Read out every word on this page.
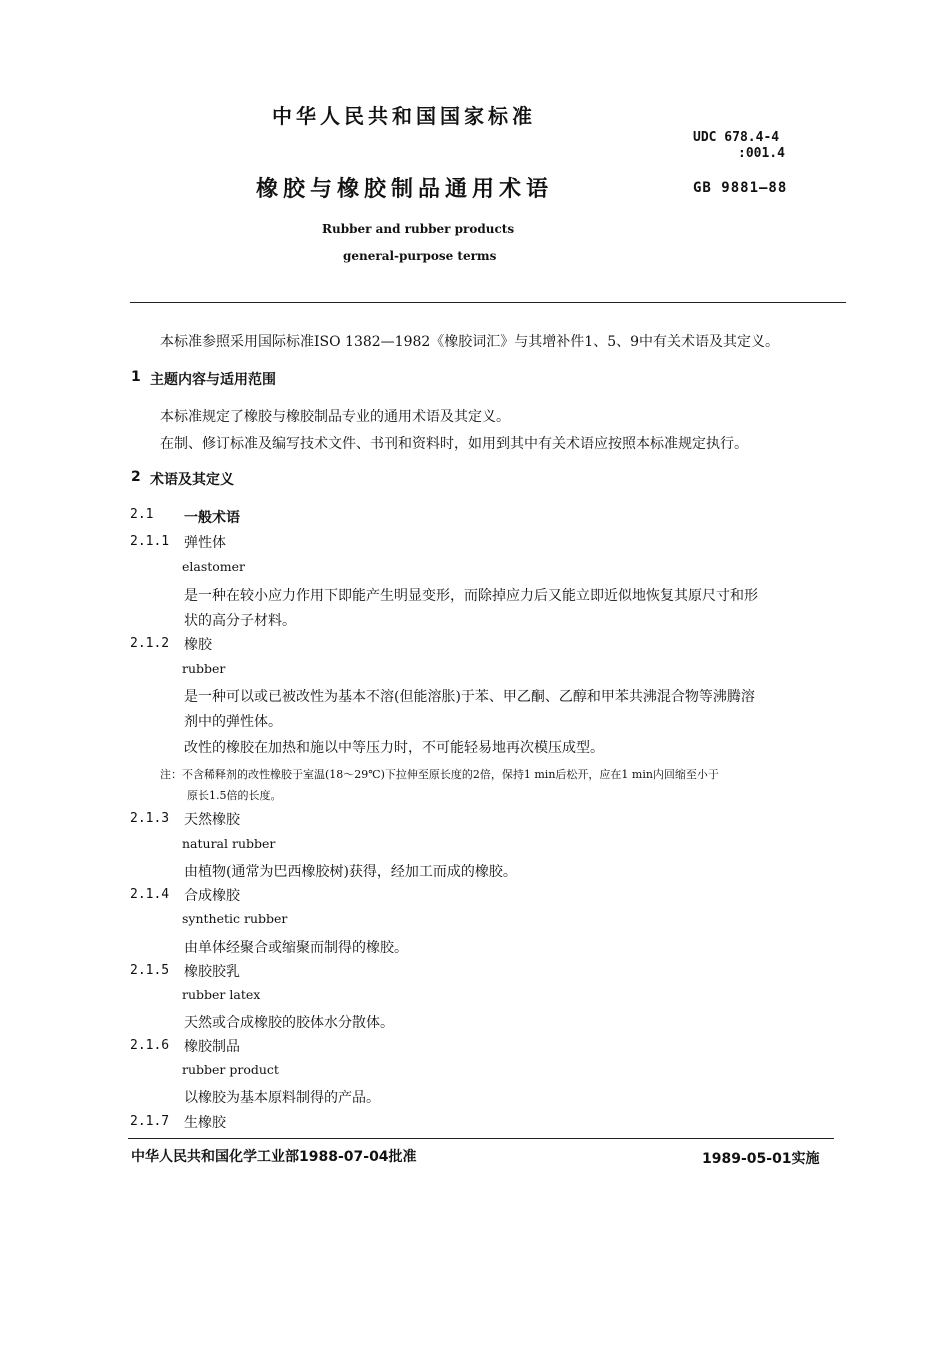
中华人民共和国国家标准
UDC 678.4-4
:001.4
橡胶与橡胶制品通用术语	GB 9881—88
Rubber and rubber products
general-purpose terms
本标准参照采用国际标准ISO 1382—1982《橡胶词汇》与其增补件1、5、9中有关术语及其定义。
1 主题内容与适用范围
本标准规定了橡胶与橡胶制品专业的通用术语及其定义。
在制、修订标准及编写技术文件、书刊和资料时，如用到其中有关术语应按照本标准规定执行。
2 术语及其定义
2.1 一般术语
2.1.1 弹性体
elastomer
是一种在较小应力作用下即能产生明显变形，而除掉应力后又能立即近似地恢复其原尺寸和形
状的高分子材料。
2.1.2 橡胶
rubber
是一种可以或已被改性为基本不溶(但能溶胀)于苯、甲乙酮、乙醇和甲苯共沸混合物等沸腾溶
剂中的弹性体。
改性的橡胶在加热和施以中等压力时，不可能轻易地再次模压成型。
注：不含稀释剂的改性橡胶于室温(18～29℃)下拉伸至原长度的2倍，保持1 min后松开，应在1 min内回缩至小于
原长1.5倍的长度。
2.1.3 天然橡胶
natural rubber
由植物(通常为巴西橡胶树)获得，经加工而成的橡胶。
2.1.4 合成橡胶
synthetic rubber
由单体经聚合或缩聚而制得的橡胶。
2.1.5 橡胶胶乳
rubber latex
天然或合成橡胶的胶体水分散体。
2.1.6 橡胶制品
rubber product
以橡胶为基本原料制得的产品。
2.1.7 生橡胶
中华人民共和国化学工业部1988-07-04批准	1989-05-01实施
